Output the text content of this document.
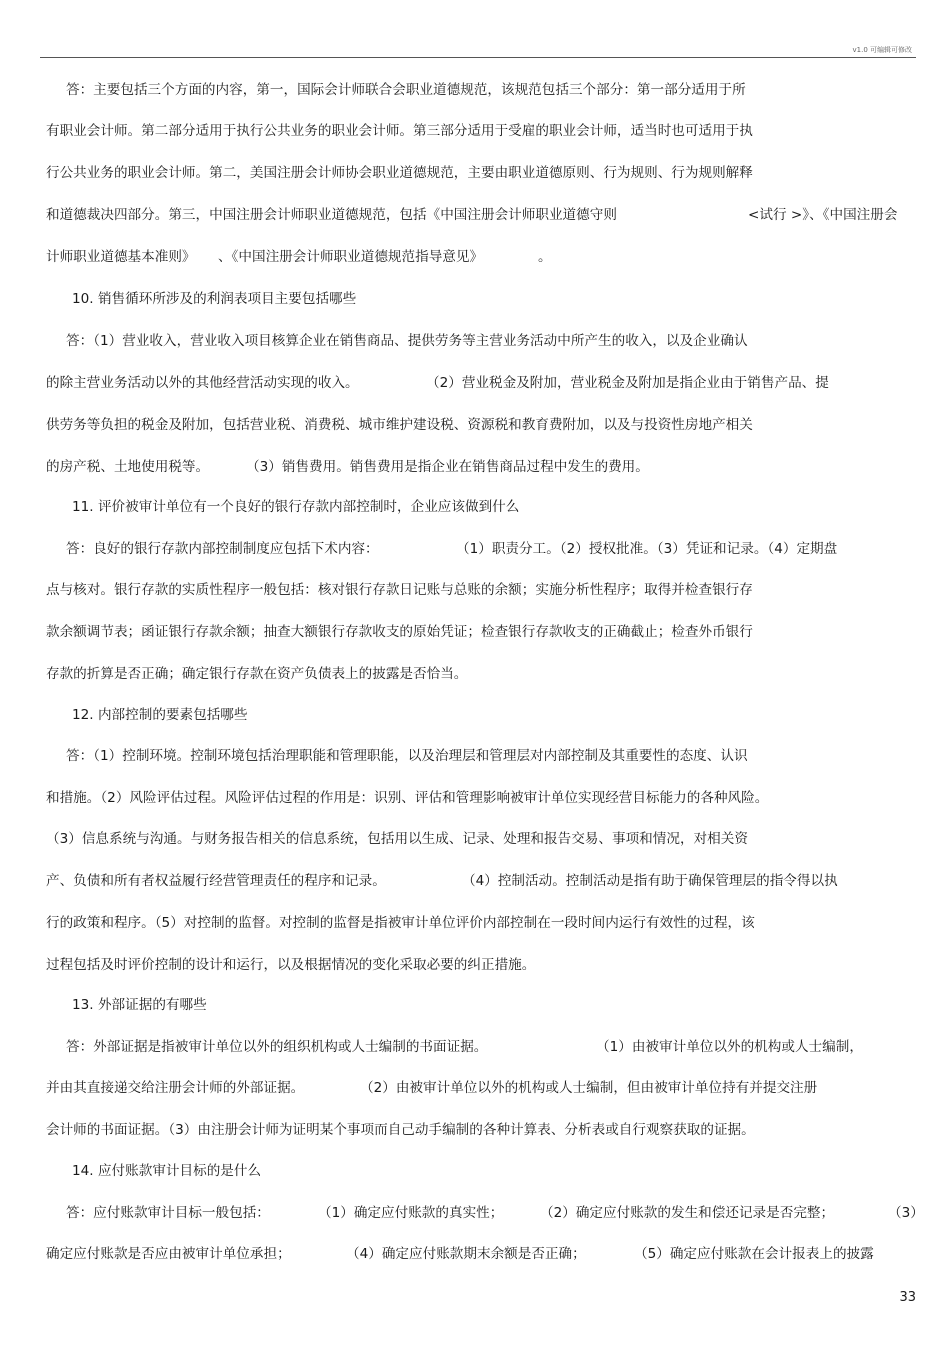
v1.0 可编辑可修改
答：主要包括三个方面的内容，第一，国际会计师联合会职业道德规范，该规范包括三个部分：第一部分适用于所
有职业会计师。第二部分适用于执行公共业务的职业会计师。第三部分适用于受雇的职业会计师，适当时也可适用于执
行公共业务的职业会计师。第二，美国注册会计师协会职业道德规范，主要由职业道德原则、行为规则、行为规则解释
和道德裁决四部分。第三，中国注册会计师职业道德规范，包括《中国注册会计师职业道德守则	<试行 >》、《中国注册会
计师职业道德基本准则》 、《中国注册会计师职业道德规范指导意见》	。
10. 销售循环所涉及的利润表项目主要包括哪些
答：（1）营业收入，营业收入项目核算企业在销售商品、提供劳务等主营业务活动中所产生的收入，以及企业确认
的除主营业务活动以外的其他经营活动实现的收入。	（2）营业税金及附加，营业税金及附加是指企业由于销售产品、提
供劳务等负担的税金及附加，包括营业税、消费税、城市维护建设税、资源税和教育费附加，以及与投资性房地产相关
的房产税、土地使用税等。	（3）销售费用。销售费用是指企业在销售商品过程中发生的费用。
11. 评价被审计单位有一个良好的银行存款内部控制时，企业应该做到什么
答：良好的银行存款内部控制制度应包括下术内容：	（1）职责分工。（2）授权批准。（3）凭证和记录。（4）定期盘
点与核对。银行存款的实质性程序一般包括：核对银行存款日记账与总账的余额；实施分析性程序；取得并检查银行存
款余额调节表；函证银行存款余额；抽查大额银行存款收支的原始凭证；检查银行存款收支的正确截止；检查外币银行
存款的折算是否正确；确定银行存款在资产负债表上的披露是否恰当。
12. 内部控制的要素包括哪些
答：（1）控制环境。控制环境包括治理职能和管理职能，以及治理层和管理层对内部控制及其重要性的态度、认识
和措施。（2）风险评估过程。风险评估过程的作用是：识别、评估和管理影响被审计单位实现经营目标能力的各种风险。
（3）信息系统与沟通。与财务报告相关的信息系统，包括用以生成、记录、处理和报告交易、事项和情况，对相关资
产、负债和所有者权益履行经营管理责任的程序和记录。	（4）控制活动。控制活动是指有助于确保管理层的指令得以执
行的政策和程序。（5）对控制的监督。对控制的监督是指被审计单位评价内部控制在一段时间内运行有效性的过程，该
过程包括及时评价控制的设计和运行，以及根据情况的变化采取必要的纠正措施。
13. 外部证据的有哪些
答：外部证据是指被审计单位以外的组织机构或人士编制的书面证据。	（1）由被审计单位以外的机构或人士编制，
并由其直接递交给注册会计师的外部证据。	（2）由被审计单位以外的机构或人士编制，但由被审计单位持有并提交注册
会计师的书面证据。（3）由注册会计师为证明某个事项而自己动手编制的各种计算表、分析表或自行观察获取的证据。
14. 应付账款审计目标的是什么
答：应付账款审计目标一般包括：	（1）确定应付账款的真实性；	（2）确定应付账款的发生和偿还记录是否完整；	（3）
确定应付账款是否应由被审计单位承担；	（4）确定应付账款期末余额是否正确；	（5）确定应付账款在会计报表上的披露
33
